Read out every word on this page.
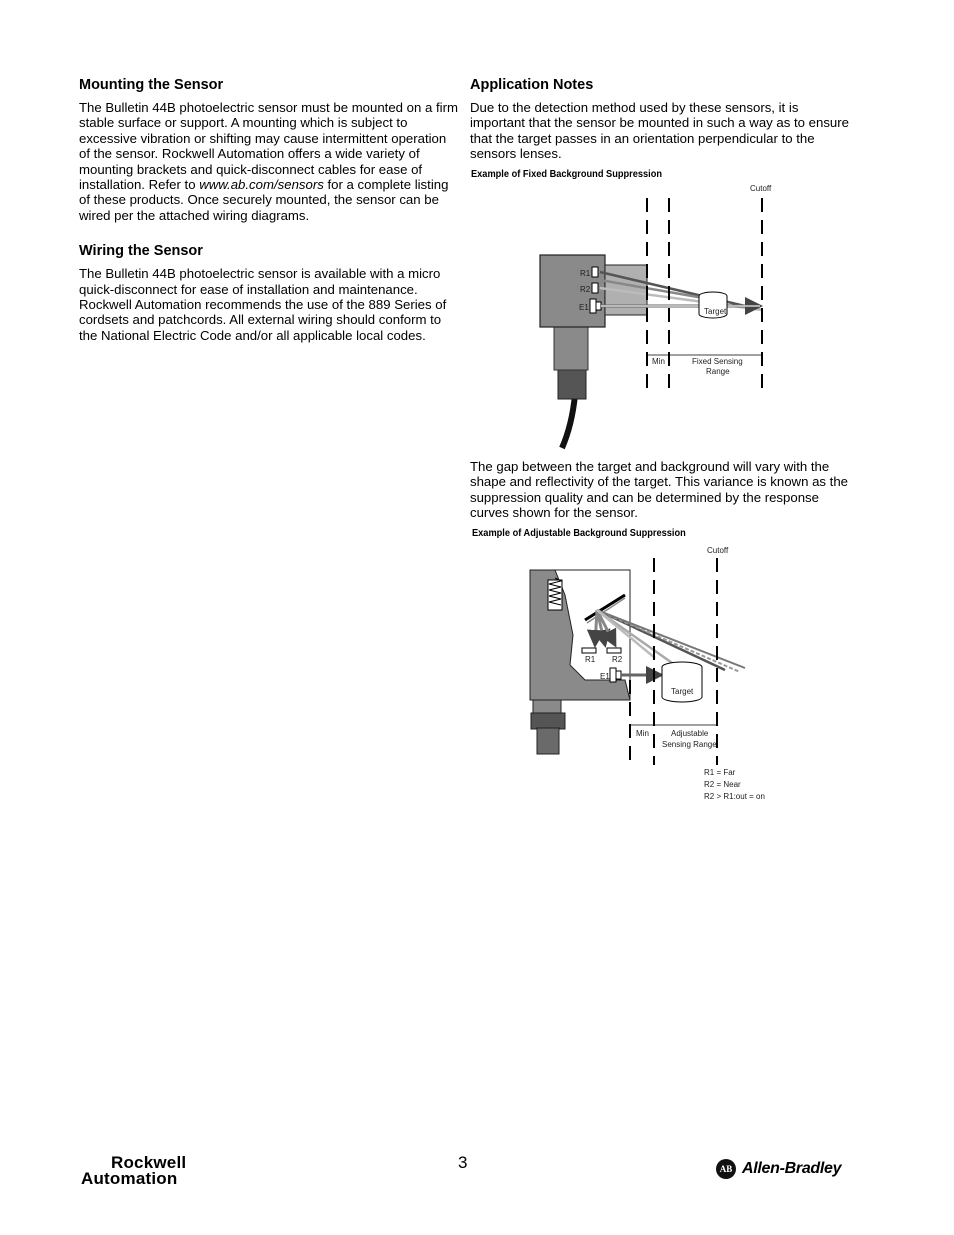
Mounting the Sensor

The Bulletin 44B photoelectric sensor must be mounted on a firm stable surface or support. A mounting which is subject to excessive vibration or shifting may cause intermittent operation of the sensor. Rockwell Automation offers a wide variety of mounting brackets and quick-disconnect cables for ease of installation. Refer to www.ab.com/sensors for a complete listing of these products. Once securely mounted, the sensor can be wired per the attached wiring diagrams.

Wiring the Sensor

The Bulletin 44B photoelectric sensor is available with a micro quick-disconnect for ease of installation and maintenance. Rockwell Automation recommends the use of the 889 Series of cordsets and patchcords. All external wiring should conform to the National Electric Code and/or all applicable local codes.

Application Notes

Due to the detection method used by these sensors, it is important that the sensor be mounted in such a way as to ensure that the target passes in an orientation perpendicular to the sensors lenses.

Example of Fixed Background Suppression
R1
R2
E1	Target
Cutoff
Min	Fixed Sensing
Range

The gap between the target and background will vary with the shape and reflectivity of the target. This variance is known as the suppression quality and can be determined by the response curves shown for the sensor.

Example of Adjustable Background Suppression
R1 R2
E1
Target
Cutoff
Min	Adjustable
Sensing Range
R1 = Far
R2 = Near
R2 > R1:out = on
Rockwell
Automation
3	AB Allen-Bradley
